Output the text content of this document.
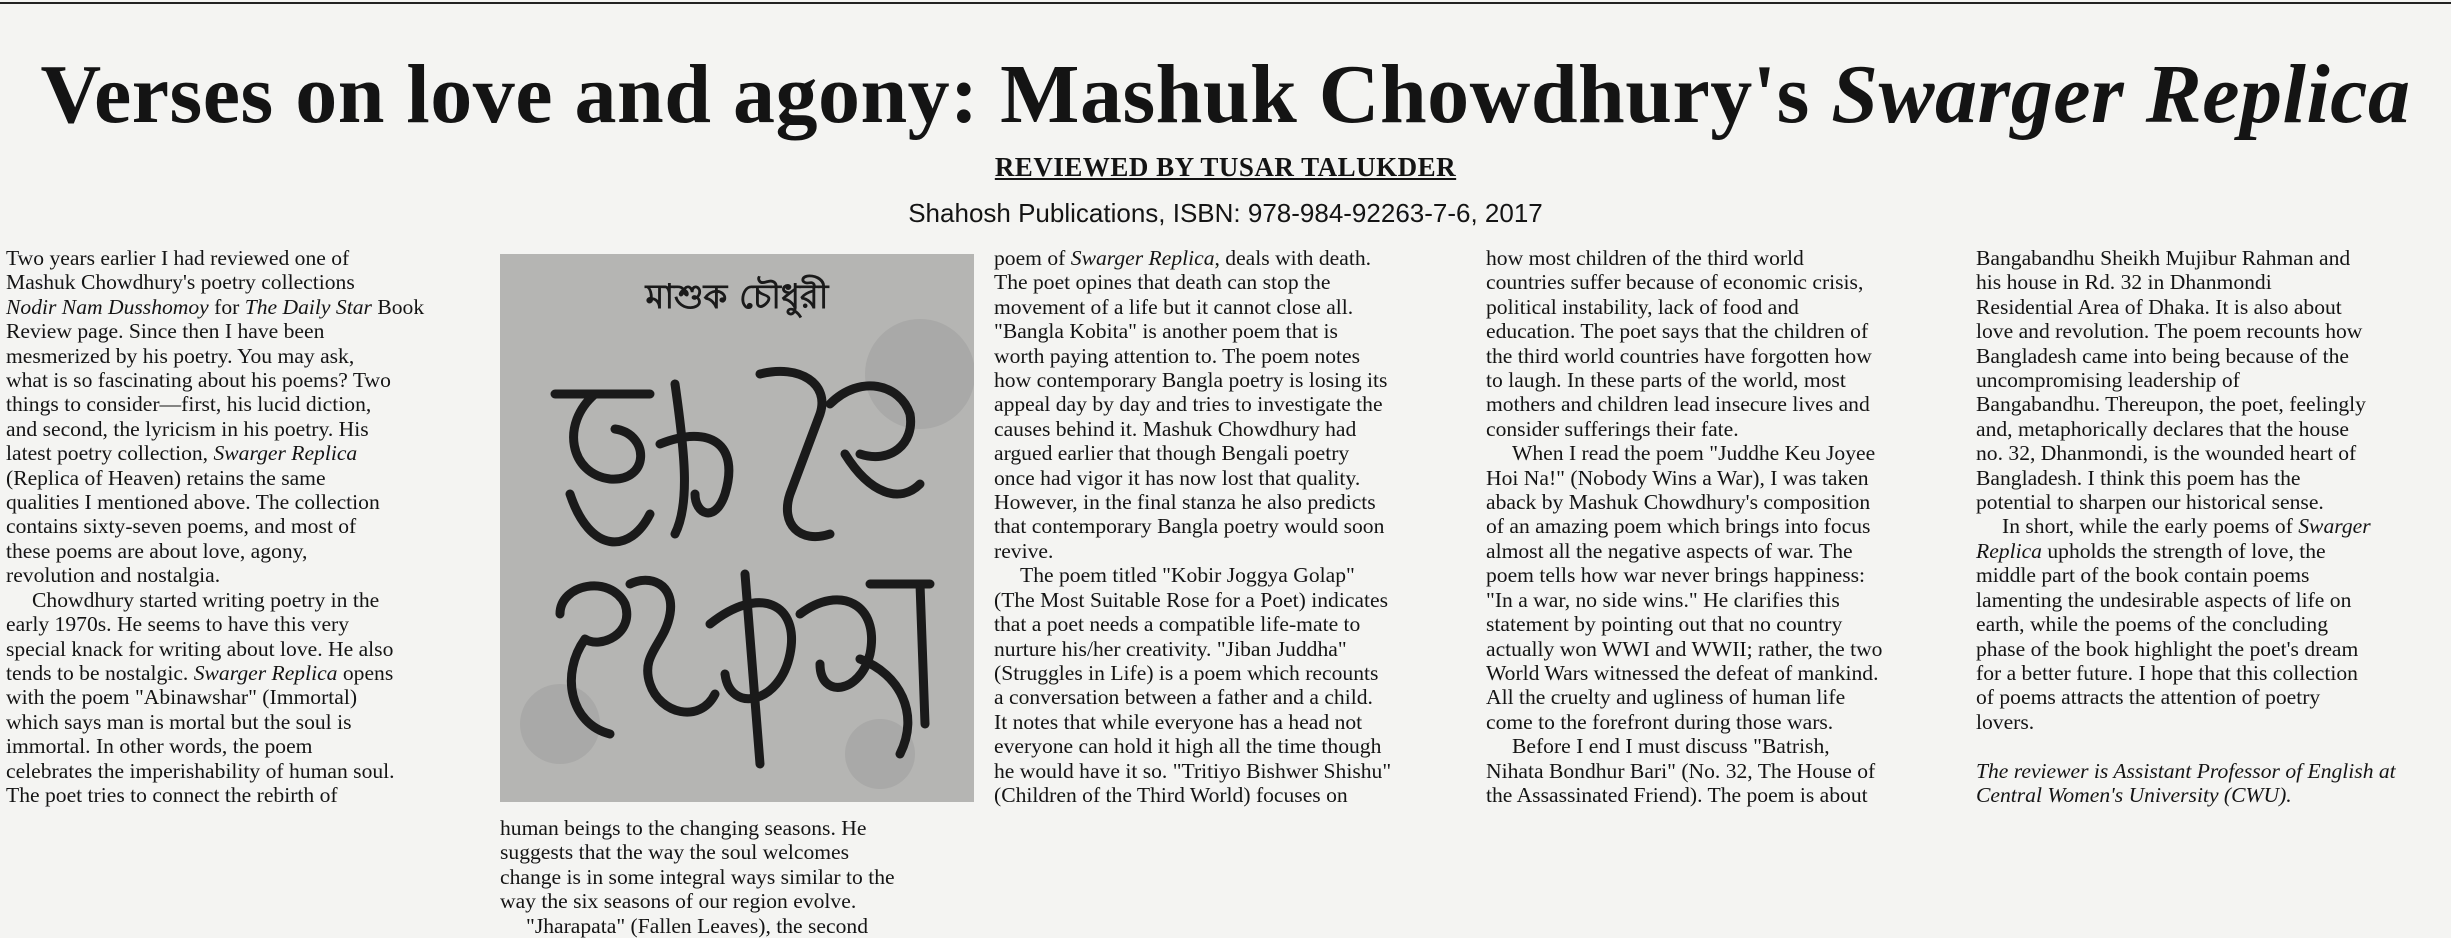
Verses on love and agony: Mashuk Chowdhury's Swarger Replica
REVIEWED BY TUSAR TALUKDER
Shahosh Publications, ISBN: 978-984-92263-7-6, 2017

Two years earlier I had reviewed one of

Mashuk Chowdhury's poetry collections

Nodir Nam Dusshomoy for The Daily Star Book

Review page. Since then I have been

mesmerized by his poetry. You may ask,

what is so fascinating about his poems? Two

things to consider—first, his lucid diction,

and second, the lyricism in his poetry. His

latest poetry collection, Swarger Replica

(Replica of Heaven) retains the same

qualities I mentioned above. The collection

contains sixty-seven poems, and most of

these poems are about love, agony,

revolution and nostalgia.

Chowdhury started writing poetry in the

early 1970s. He seems to have this very

special knack for writing about love. He also

tends to be nostalgic. Swarger Replica opens

with the poem "Abinawshar" (Immortal)

which says man is mortal but the soul is

immortal. In other words, the poem

celebrates the imperishability of human soul.

The poet tries to connect the rebirth of

মাশুক চৌধুরী

human beings to the changing seasons. He

suggests that the way the soul welcomes

change is in some integral ways similar to the

way the six seasons of our region evolve.

"Jharapata" (Fallen Leaves), the second

poem of Swarger Replica, deals with death.

The poet opines that death can stop the

movement of a life but it cannot close all.

"Bangla Kobita" is another poem that is

worth paying attention to. The poem notes

how contemporary Bangla poetry is losing its

appeal day by day and tries to investigate the

causes behind it. Mashuk Chowdhury had

argued earlier that though Bengali poetry

once had vigor it has now lost that quality.

However, in the final stanza he also predicts

that contemporary Bangla poetry would soon

revive.

The poem titled "Kobir Joggya Golap"

(The Most Suitable Rose for a Poet) indicates

that a poet needs a compatible life-mate to

nurture his/her creativity. "Jiban Juddha"

(Struggles in Life) is a poem which recounts

a conversation between a father and a child.

It notes that while everyone has a head not

everyone can hold it high all the time though

he would have it so. "Tritiyo Bishwer Shishu"

(Children of the Third World) focuses on

how most children of the third world

countries suffer because of economic crisis,

political instability, lack of food and

education. The poet says that the children of

the third world countries have forgotten how

to laugh. In these parts of the world, most

mothers and children lead insecure lives and

consider sufferings their fate.

When I read the poem "Juddhe Keu Joyee

Hoi Na!" (Nobody Wins a War), I was taken

aback by Mashuk Chowdhury's composition

of an amazing poem which brings into focus

almost all the negative aspects of war. The

poem tells how war never brings happiness:

"In a war, no side wins." He clarifies this

statement by pointing out that no country

actually won WWI and WWII; rather, the two

World Wars witnessed the defeat of mankind.

All the cruelty and ugliness of human life

come to the forefront during those wars.

Before I end I must discuss "Batrish,

Nihata Bondhur Bari" (No. 32, The House of

the Assassinated Friend). The poem is about

Bangabandhu Sheikh Mujibur Rahman and

his house in Rd. 32 in Dhanmondi

Residential Area of Dhaka. It is also about

love and revolution. The poem recounts how

Bangladesh came into being because of the

uncompromising leadership of

Bangabandhu. Thereupon, the poet, feelingly

and, metaphorically declares that the house

no. 32, Dhanmondi, is the wounded heart of

Bangladesh. I think this poem has the

potential to sharpen our historical sense.

In short, while the early poems of Swarger

Replica upholds the strength of love, the

middle part of the book contain poems

lamenting the undesirable aspects of life on

earth, while the poems of the concluding

phase of the book highlight the poet's dream

for a better future. I hope that this collection

of poems attracts the attention of poetry

lovers.

The reviewer is Assistant Professor of English at

Central Women's University (CWU).
